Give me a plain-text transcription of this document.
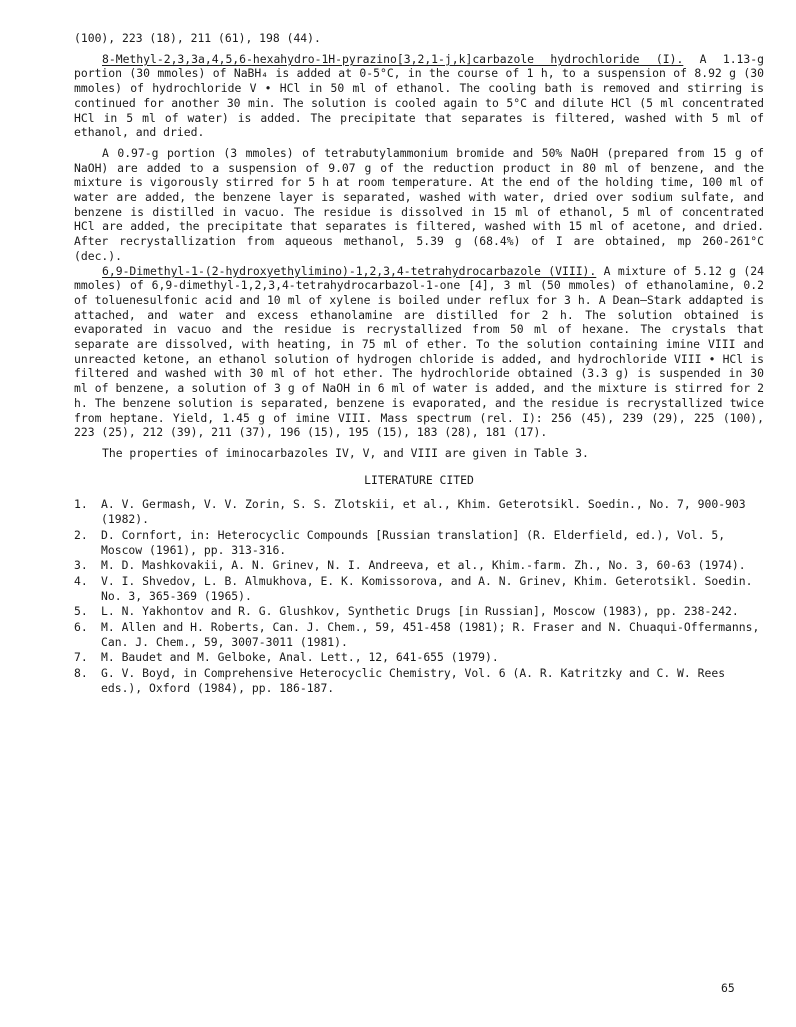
(100), 223 (18), 211 (61), 198 (44).

8-Methyl-2,3,3a,4,5,6-hexahydro-1H-pyrazino[3,2,1-j,k]carbazole hydrochloride (I). A 1.13-g portion (30 mmoles) of NaBH₄ is added at 0-5°C, in the course of 1 h, to a suspension of 8.92 g (30 mmoles) of hydrochloride V • HCl in 50 ml of ethanol. The cooling bath is removed and stirring is continued for another 30 min. The solution is cooled again to 5°C and dilute HCl (5 ml concentrated HCl in 5 ml of water) is added. The precipitate that separates is filtered, washed with 5 ml of ethanol, and dried.

A 0.97-g portion (3 mmoles) of tetrabutylammonium bromide and 50% NaOH (prepared from 15 g of NaOH) are added to a suspension of 9.07 g of the reduction product in 80 ml of benzene, and the mixture is vigorously stirred for 5 h at room temperature. At the end of the holding time, 100 ml of water are added, the benzene layer is separated, washed with water, dried over sodium sulfate, and benzene is distilled in vacuo. The residue is dissolved in 15 ml of ethanol, 5 ml of concentrated HCl are added, the precipitate that separates is filtered, washed with 15 ml of acetone, and dried. After recrystallization from aqueous methanol, 5.39 g (68.4%) of I are obtained, mp 260-261°C (dec.).

6,9-Dimethyl-1-(2-hydroxyethylimino)-1,2,3,4-tetrahydrocarbazole (VIII). A mixture of 5.12 g (24 mmoles) of 6,9-dimethyl-1,2,3,4-tetrahydrocarbazol-1-one [4], 3 ml (50 mmoles) of ethanolamine, 0.2 of toluenesulfonic acid and 10 ml of xylene is boiled under reflux for 3 h. A Dean–Stark addapted is attached, and water and excess ethanolamine are distilled for 2 h. The solution obtained is evaporated in vacuo and the residue is recrystallized from 50 ml of hexane. The crystals that separate are dissolved, with heating, in 75 ml of ether. To the solution containing imine VIII and unreacted ketone, an ethanol solution of hydrogen chloride is added, and hydrochloride VIII • HCl is filtered and washed with 30 ml of hot ether. The hydrochloride obtained (3.3 g) is suspended in 30 ml of benzene, a solution of 3 g of NaOH in 6 ml of water is added, and the mixture is stirred for 2 h. The benzene solution is separated, benzene is evaporated, and the residue is recrystallized twice from heptane. Yield, 1.45 g of imine VIII. Mass spectrum (rel. I): 256 (45), 239 (29), 225 (100), 223 (25), 212 (39), 211 (37), 196 (15), 195 (15), 183 (28), 181 (17).

The properties of iminocarbazoles IV, V, and VIII are given in Table 3.

LITERATURE CITED
1. A. V. Germash, V. V. Zorin, S. S. Zlotskii, et al., Khim. Geterotsikl. Soedin., No. 7, 900-903 (1982).
2. D. Cornfort, in: Heterocyclic Compounds [Russian translation] (R. Elderfield, ed.), Vol. 5, Moscow (1961), pp. 313-316.
3. M. D. Mashkovakii, A. N. Grinev, N. I. Andreeva, et al., Khim.-farm. Zh., No. 3, 60-63 (1974).
4. V. I. Shvedov, L. B. Almukhova, E. K. Komissorova, and A. N. Grinev, Khim. Geterotsikl. Soedin. No. 3, 365-369 (1965).
5. L. N. Yakhontov and R. G. Glushkov, Synthetic Drugs [in Russian], Moscow (1983), pp. 238-242.
6. M. Allen and H. Roberts, Can. J. Chem., 59, 451-458 (1981); R. Fraser and N. Chuaqui-Offermanns, Can. J. Chem., 59, 3007-3011 (1981).
7. M. Baudet and M. Gelboke, Anal. Lett., 12, 641-655 (1979).
8. G. V. Boyd, in Comprehensive Heterocyclic Chemistry, Vol. 6 (A. R. Katritzky and C. W. Rees eds.), Oxford (1984), pp. 186-187.
65
